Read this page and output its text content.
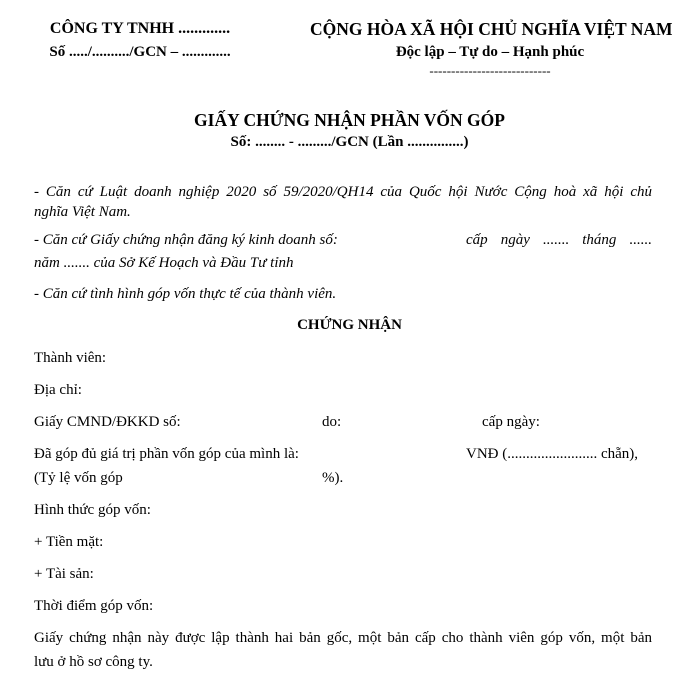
CÔNG TY TNHH .............
Số ...../........../GCN – .............
CỘNG HÒA XÃ HỘI CHỦ NGHĨA VIỆT NAM
Độc lập – Tự do – Hạnh phúc
----------------------------
GIẤY CHỨNG NHẬN PHẦN VỐN GÓP
Số: ........ - ........./GCN (Lần ...............)
- Căn cứ Luật doanh nghiệp 2020 số 59/2020/QH14 của Quốc hội Nước Cộng hoà xã hội chủ
nghĩa Việt Nam.
- Căn cứ Giấy chứng nhận đăng ký kinh doanh số:	cấp ngày ....... tháng ......
năm ....... của Sở Kế Hoạch và Đầu Tư tỉnh
- Căn cứ tình hình góp vốn thực tế của thành viên.
CHỨNG NHẬN
Thành viên:
Địa chỉ:
Giấy CMND/ĐKKD số:	do:	cấp ngày:
Đã góp đủ giá trị phần vốn góp của mình là:	VNĐ (........................ chẵn),
(Tỷ lệ vốn góp	%).
Hình thức góp vốn:
+ Tiền mặt:
+ Tài sản:
Thời điểm góp vốn:
Giấy chứng nhận này được lập thành hai bản gốc, một bản cấp cho thành viên góp vốn, một bản
lưu ở hồ sơ công ty.
